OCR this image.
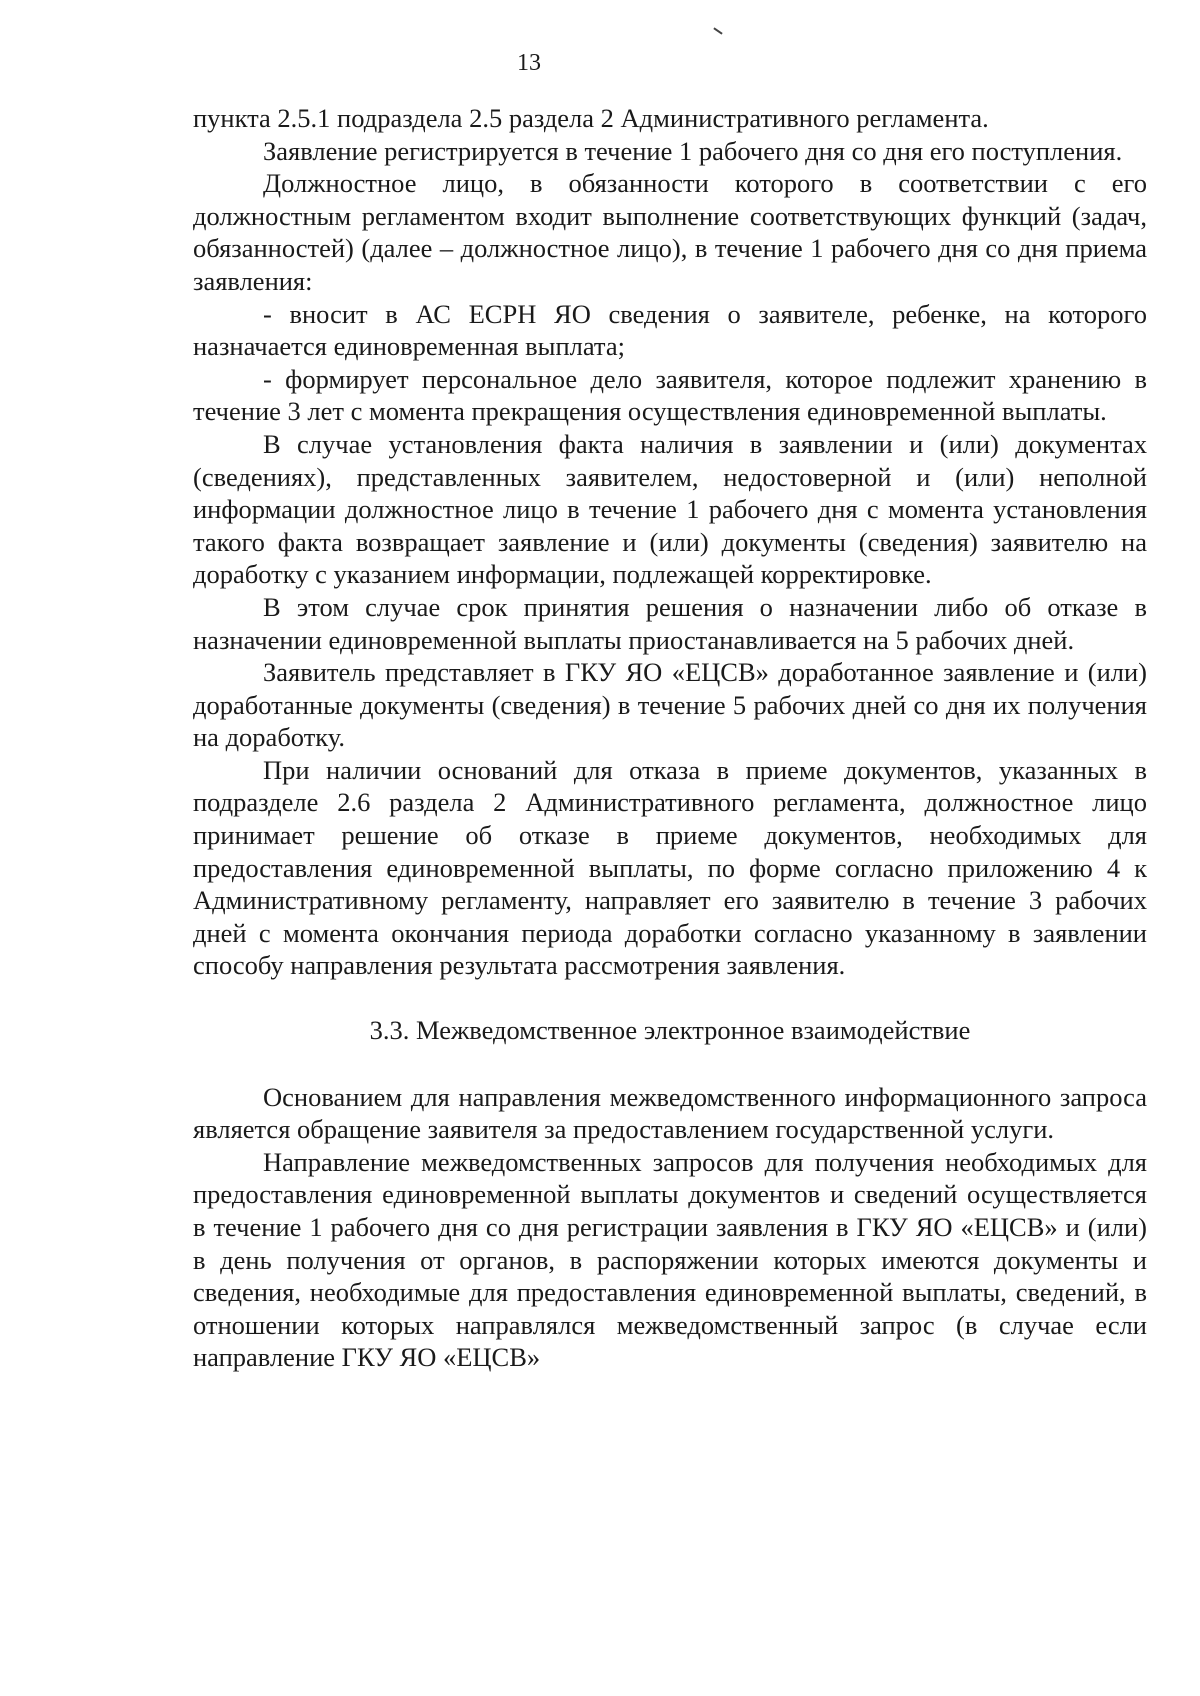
13

пункта 2.5.1 подраздела 2.5 раздела 2 Административного регламента.

Заявление регистрируется в течение 1 рабочего дня со дня его поступления.

Должностное лицо, в обязанности которого в соответствии с его должностным регламентом входит выполнение соответствующих функций (задач, обязанностей) (далее – должностное лицо), в течение 1 рабочего дня со дня приема заявления:

- вносит в АС ЕСРН ЯО сведения о заявителе, ребенке, на которого назначается единовременная выплата;

- формирует персональное дело заявителя, которое подлежит хранению в течение 3 лет с момента прекращения осуществления единовременной выплаты.

В случае установления факта наличия в заявлении и (или) документах (сведениях), представленных заявителем, недостоверной и (или) неполной информации должностное лицо в течение 1 рабочего дня с момента установления такого факта возвращает заявление и (или) документы (сведения) заявителю на доработку с указанием информации, подлежащей корректировке.

В этом случае срок принятия решения о назначении либо об отказе в назначении единовременной выплаты приостанавливается на 5 рабочих дней.

Заявитель представляет в ГКУ ЯО «ЕЦСВ» доработанное заявление и (или) доработанные документы (сведения) в течение 5 рабочих дней со дня их получения на доработку.

При наличии оснований для отказа в приеме документов, указанных в подразделе 2.6 раздела 2 Административного регламента, должностное лицо принимает решение об отказе в приеме документов, необходимых для предоставления единовременной выплаты, по форме согласно приложению 4 к Административному регламенту, направляет его заявителю в течение 3 рабочих дней с момента окончания периода доработки согласно указанному в заявлении способу направления результата рассмотрения заявления.

3.3. Межведомственное электронное взаимодействие

Основанием для направления межведомственного информационного запроса является обращение заявителя за предоставлением государственной услуги.

Направление межведомственных запросов для получения необходимых для предоставления единовременной выплаты документов и сведений осуществляется в течение 1 рабочего дня со дня регистрации заявления в ГКУ ЯО «ЕЦСВ» и (или) в день получения от органов, в распоряжении которых имеются документы и сведения, необходимые для предоставления единовременной выплаты, сведений, в отношении которых направлялся межведомственный запрос (в случае если направление ГКУ ЯО «ЕЦСВ»
